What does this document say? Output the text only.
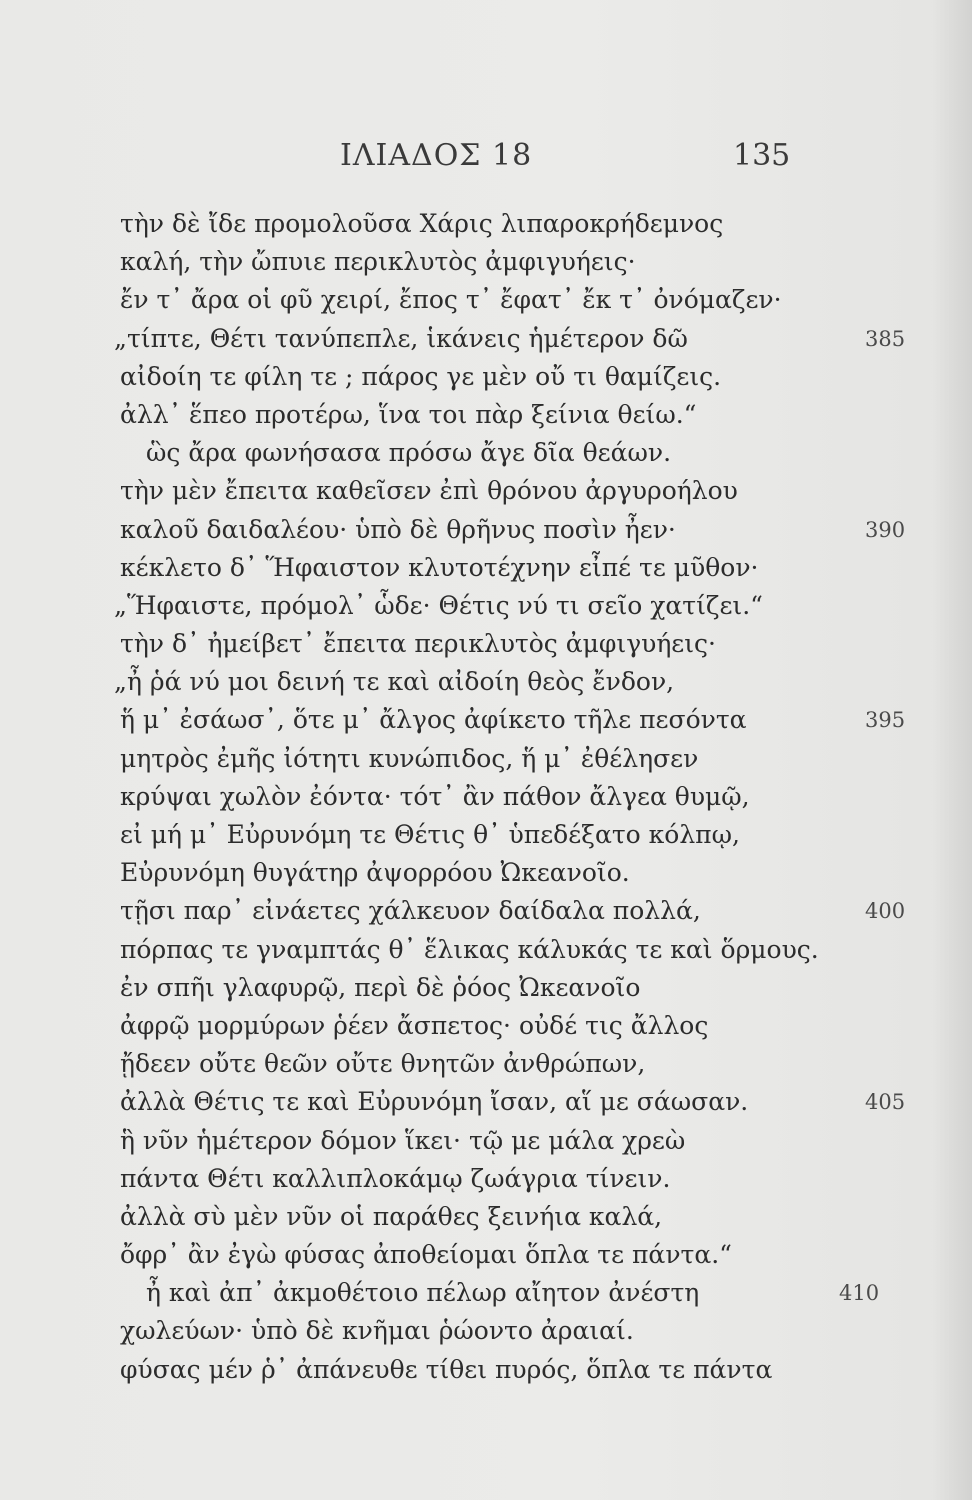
ΙΛΙΑΔΟΣ 18	135
τὴν δὲ ἴδε προμολοῦσα Χάρις λιπαροκρήδεμνος
καλή, τὴν ὤπυιε περικλυτὸς ἀμφιγυήεις·
ἔν τ᾽ ἄρα οἱ φῦ χειρί, ἔπος τ᾽ ἔφατ᾽ ἔκ τ᾽ ὀνόμαζεν·
„τίπτε, Θέτι τανύπεπλε, ἱκάνεις ἡμέτερον δῶ	385
αἰδοίη τε φίλη τε ; πάρος γε μὲν οὔ τι θαμίζεις.
ἀλλ᾽ ἕπεο προτέρω, ἵνα τοι πὰρ ξείνια θείω.“
ὣς ἄρα φωνήσασα πρόσω ἄγε δῖα θεάων.
τὴν μὲν ἔπειτα καθεῖσεν ἐπὶ θρόνου ἀργυροήλου
καλοῦ δαιδαλέου· ὑπὸ δὲ θρῆνυς ποσὶν ἦεν·	390
κέκλετο δ᾽ Ἥφαιστον κλυτοτέχνην εἶπέ τε μῦθον·
„Ἥφαιστε, πρόμολ᾽ ὧδε· Θέτις νύ τι σεῖο χατίζει.“
τὴν δ᾽ ἠμείβετ᾽ ἔπειτα περικλυτὸς ἀμφιγυήεις·
„ἦ ῥά νύ μοι δεινή τε καὶ αἰδοίη θεὸς ἔνδον,
ἥ μ᾽ ἐσάωσ᾽, ὅτε μ᾽ ἄλγος ἀφίκετο τῆλε πεσόντα	395
μητρὸς ἐμῆς ἰότητι κυνώπιδος, ἥ μ᾽ ἐθέλησεν
κρύψαι χωλὸν ἐόντα· τότ᾽ ἂν πάθον ἄλγεα θυμῷ,
εἰ μή μ᾽ Εὐρυνόμη τε Θέτις θ᾽ ὑπεδέξατο κόλπῳ,
Εὐρυνόμη θυγάτηρ ἀψορρόου Ὠκεανοῖο.
τῇσι παρ᾽ εἰνάετες χάλκευον δαίδαλα πολλά,	400
πόρπας τε γναμπτάς θ᾽ ἕλικας κάλυκάς τε καὶ ὅρμους.
ἐν σπῆι γλαφυρῷ, περὶ δὲ ῥόος Ὠκεανοῖο
ἀφρῷ μορμύρων ῥέεν ἄσπετος· οὐδέ τις ἄλλος
ᾔδεεν οὔτε θεῶν οὔτε θνητῶν ἀνθρώπων,
ἀλλὰ Θέτις τε καὶ Εὐρυνόμη ἴσαν, αἵ με σάωσαν.	405
ἣ νῦν ἡμέτερον δόμον ἵκει· τῷ με μάλα χρεὼ
πάντα Θέτι καλλιπλοκάμῳ ζωάγρια τίνειν.
ἀλλὰ σὺ μὲν νῦν οἱ παράθες ξεινήια καλά,
ὄφρ᾽ ἂν ἐγὼ φύσας ἀποθείομαι ὅπλα τε πάντα.“
ἦ καὶ ἀπ᾽ ἀκμοθέτοιο πέλωρ αἴητον ἀνέστη	410
χωλεύων· ὑπὸ δὲ κνῆμαι ῥώοντο ἀραιαί.
φύσας μέν ῥ᾽ ἀπάνευθε τίθει πυρός, ὅπλα τε πάντα
